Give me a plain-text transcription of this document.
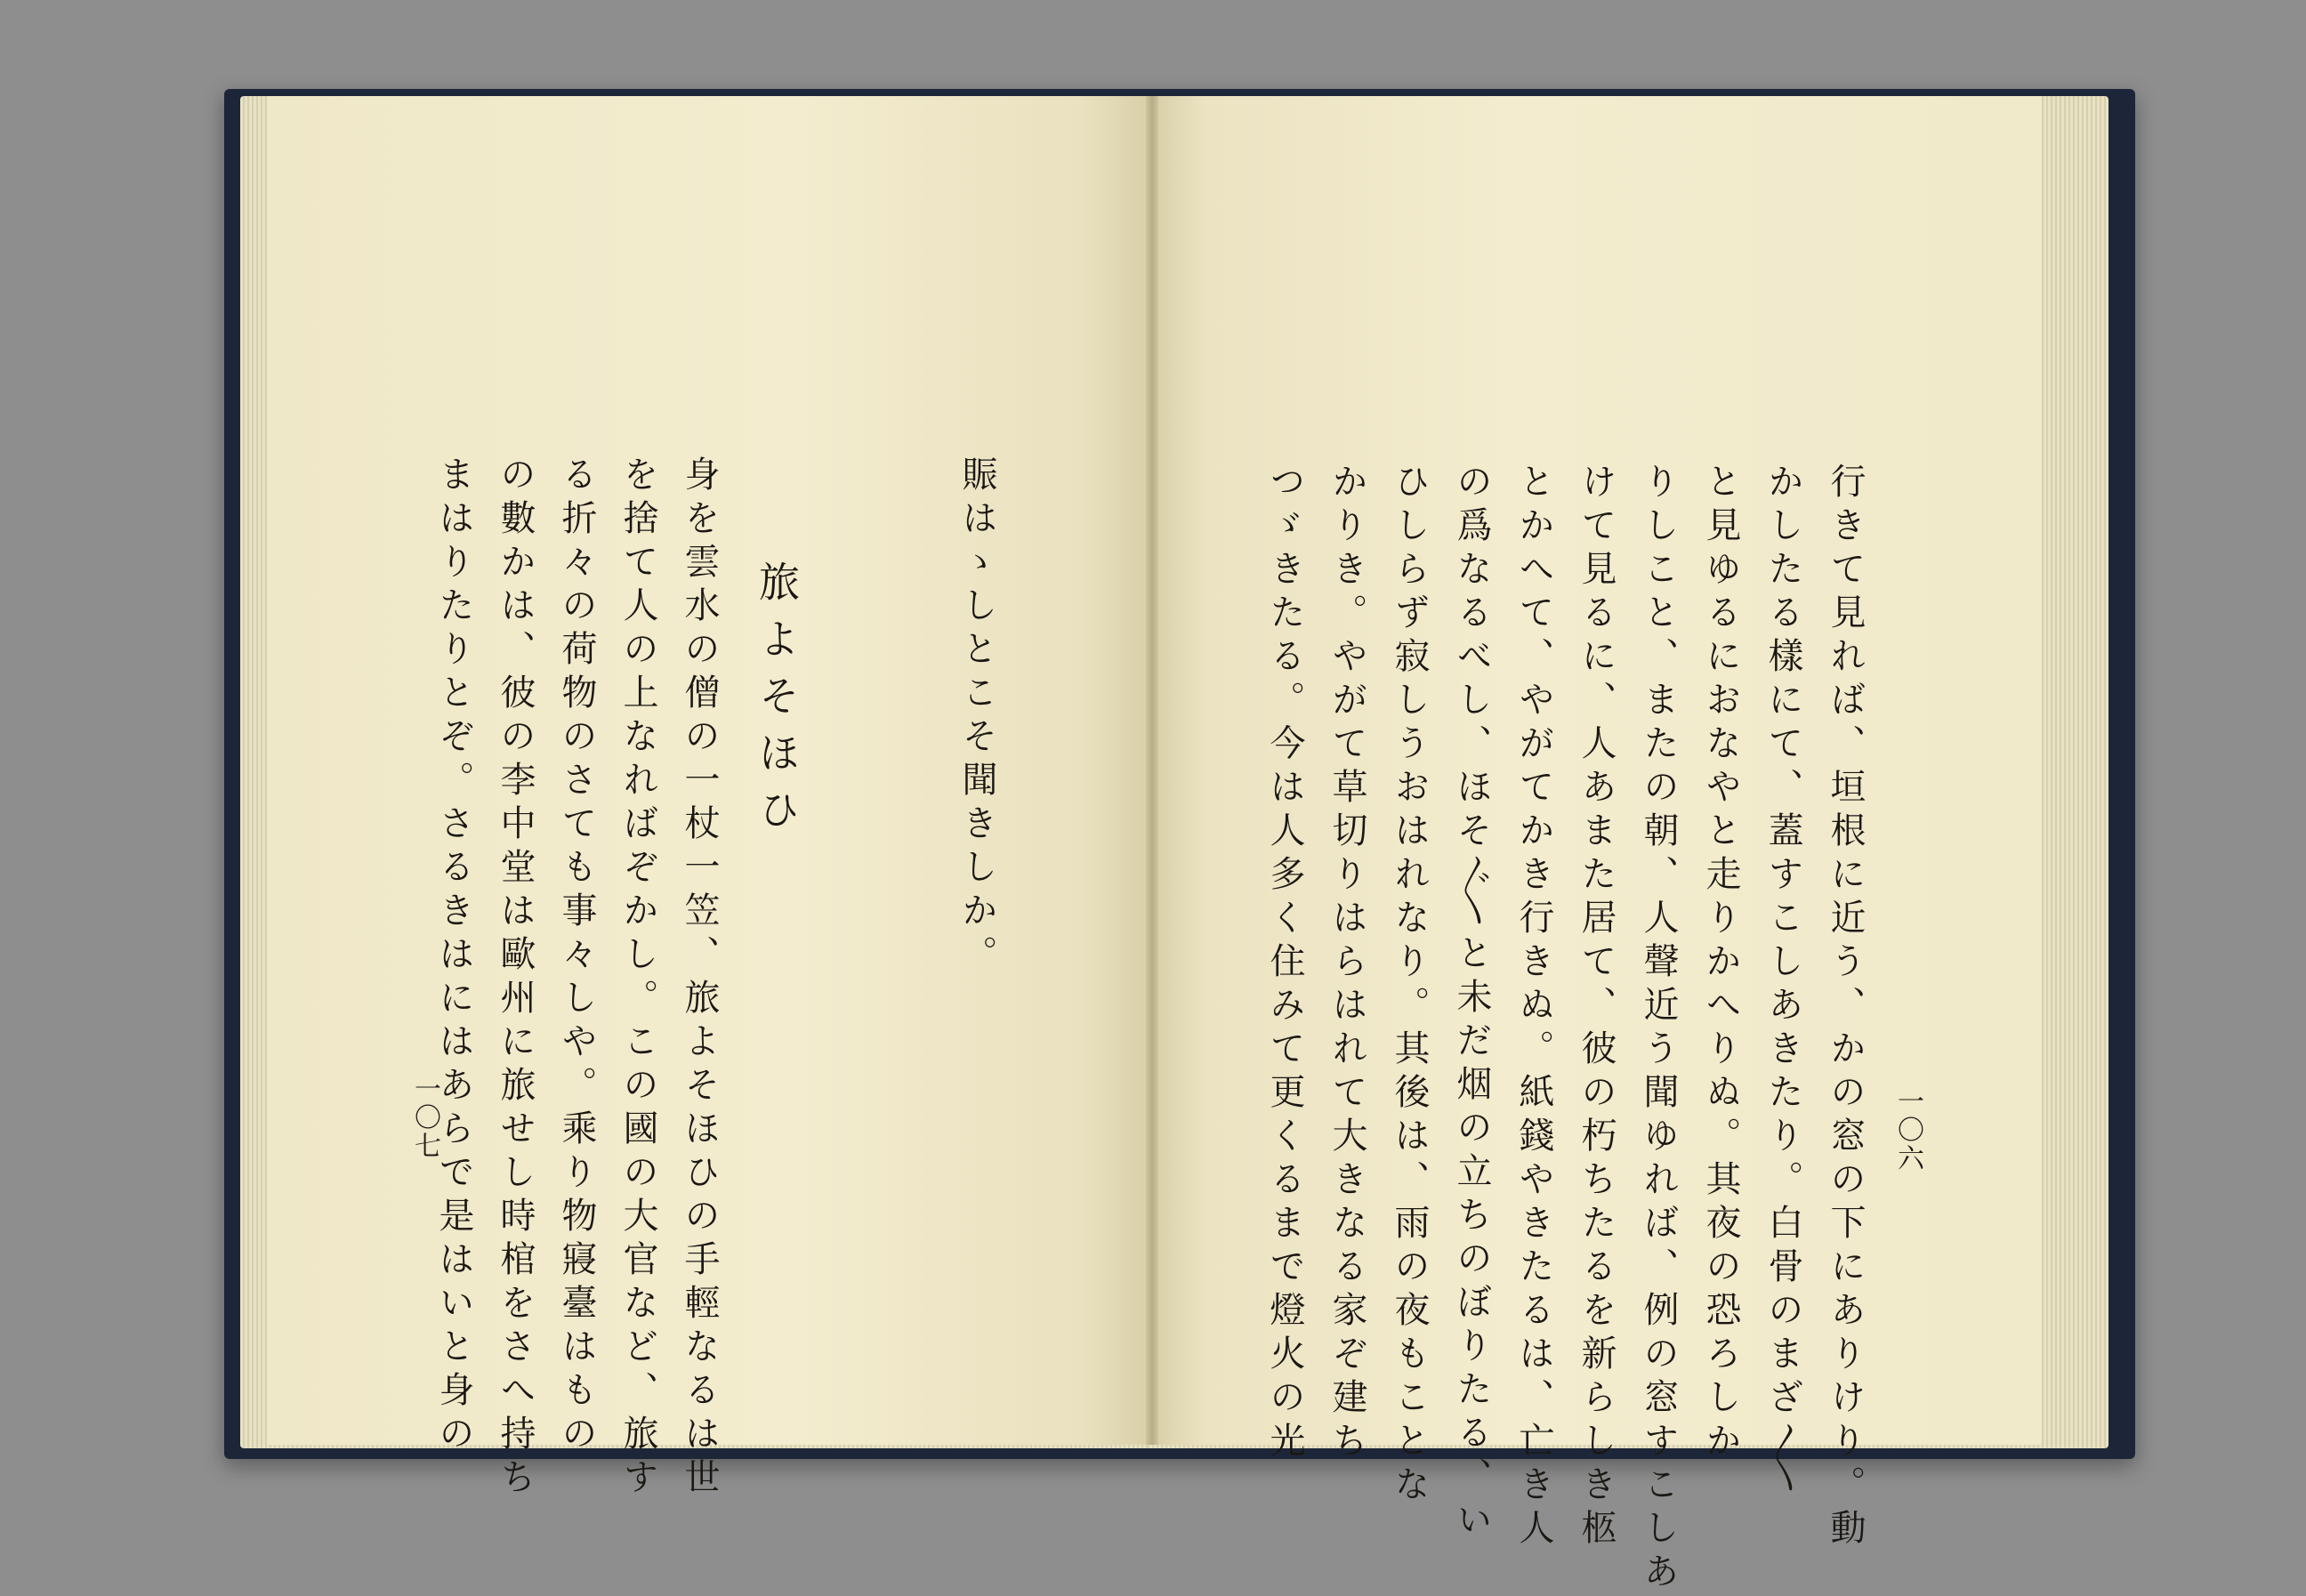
賑はゝしとこそ聞きしか。
旅よそほひ
身を雲水の僧の一杖一笠、旅よそほひの手輕なるは世
を捨て人の上なればぞかし。この國の大官など、旅す
る折々の荷物のさても事々しや。乘り物寢臺はもの
の數かは、彼の李中堂は歐州に旅せし時棺をさへ持ち
まはりたりとぞ。さるきはにはあらで是はいと身の
一〇七	一〇六
行きて見れば、垣根に近う、かの窓の下にありけり。動
かしたる樣にて、蓋すこしあきたり。白骨のまざ〳〵
と見ゆるにおなやと走りかへりぬ。其夜の恐ろしか
りしこと、またの朝、人聲近う聞ゆれば、例の窓すこしあ
けて見るに、人あまた居て、彼の朽ちたるを新らしき柩
とかへて、やがてかき行きぬ。紙錢やきたるは、亡き人
の爲なるべし、ほそ〴〵と未だ烟の立ちのぼりたる、い
ひしらず寂しうおはれなり。其後は、雨の夜もことな
かりき。やがて草切りはらはれて大きなる家ぞ建ち
つゞきたる。今は人多く住みて更くるまで燈火の光
